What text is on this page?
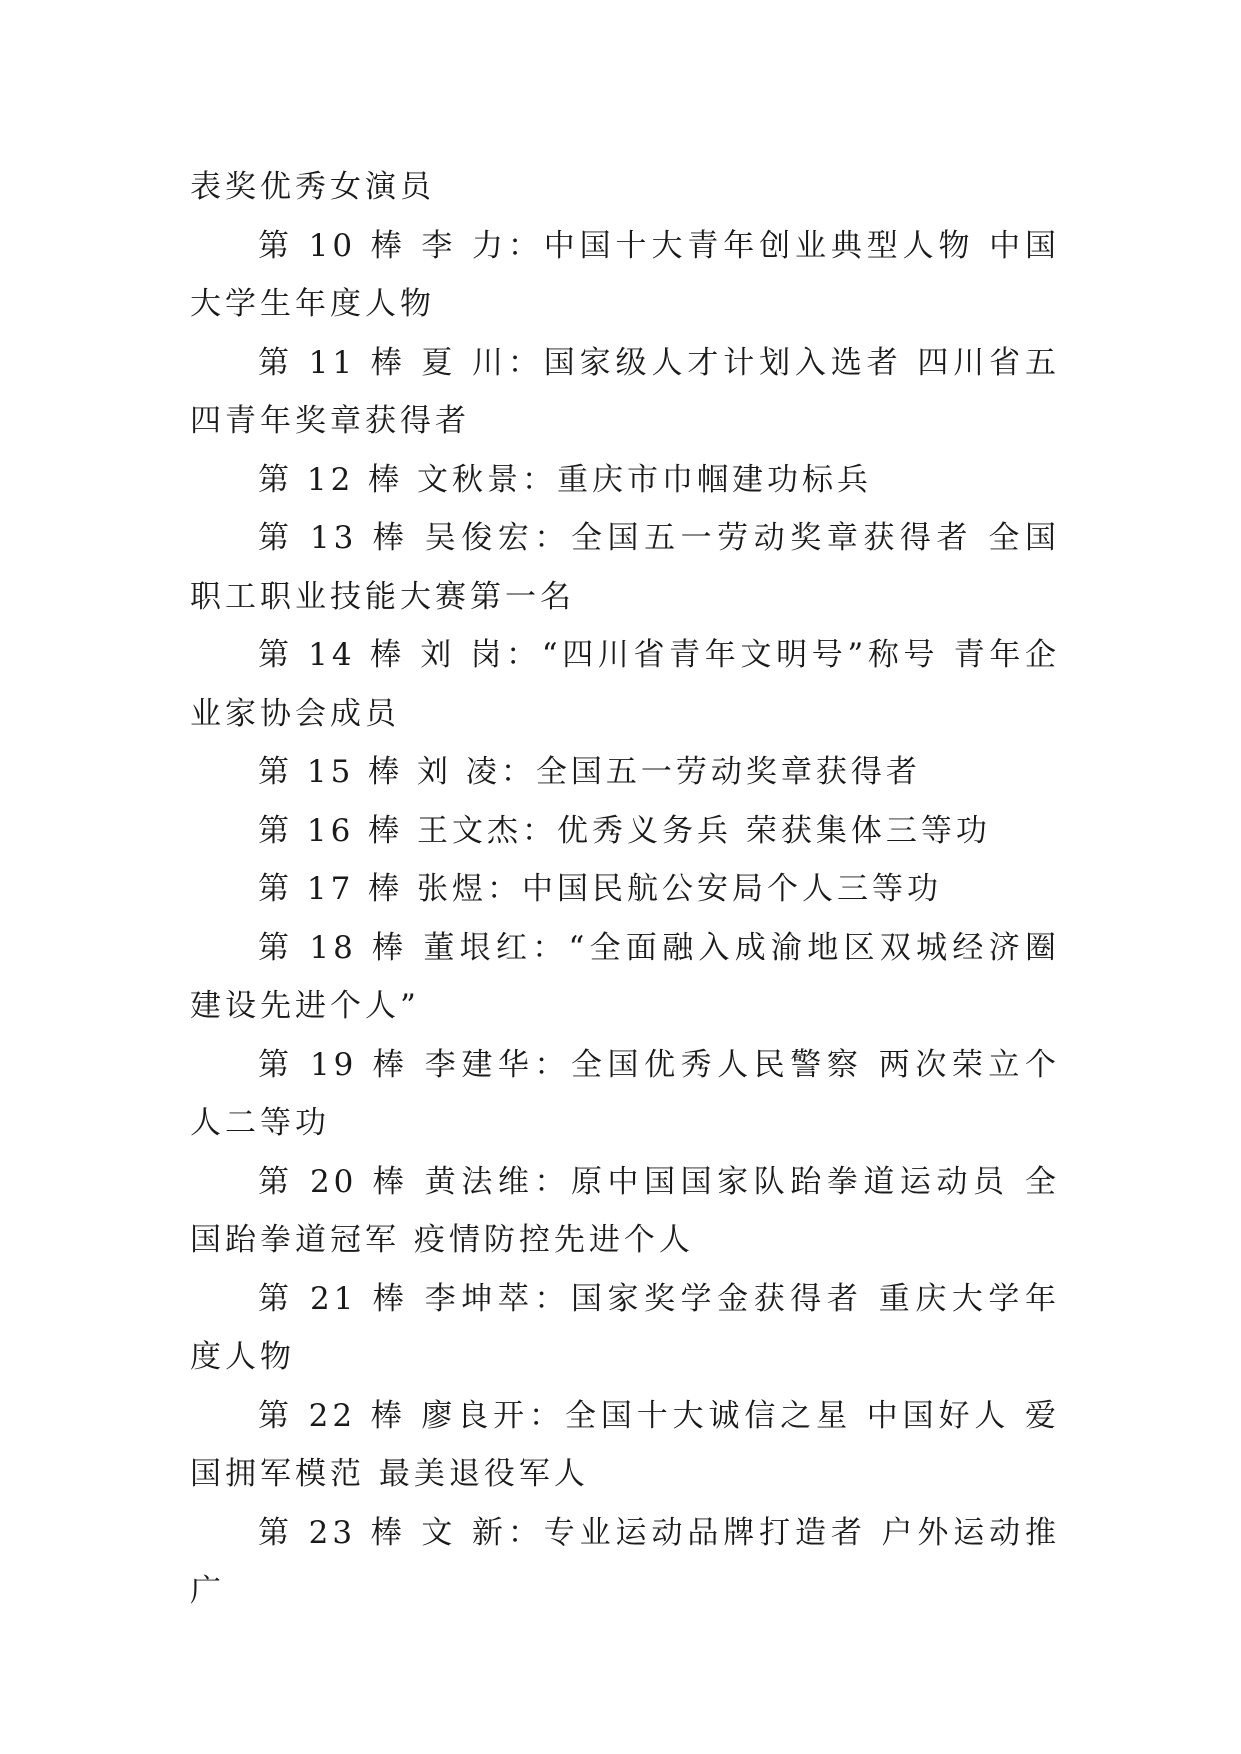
表奖优秀女演员

第 10 棒 李 力：中国十大青年创业典型人物 中国大学生年度人物

第 11 棒 夏 川：国家级人才计划入选者 四川省五四青年奖章获得者

第 12 棒 文秋景：重庆市巾帼建功标兵

第 13 棒 吴俊宏：全国五一劳动奖章获得者 全国职工职业技能大赛第一名

第 14 棒 刘 岗：“四川省青年文明号”称号 青年企业家协会成员

第 15 棒 刘 凌：全国五一劳动奖章获得者

第 16 棒 王文杰：优秀义务兵 荣获集体三等功

第 17 棒 张煜：中国民航公安局个人三等功

第 18 棒 董垠红：“全面融入成渝地区双城经济圈建设先进个人”

第 19 棒 李建华：全国优秀人民警察 两次荣立个人二等功

第 20 棒 黄法维：原中国国家队跆拳道运动员 全国跆拳道冠军 疫情防控先进个人

第 21 棒 李坤萃：国家奖学金获得者 重庆大学年度人物

第 22 棒 廖良开：全国十大诚信之星 中国好人 爱国拥军模范 最美退役军人

第 23 棒 文 新：专业运动品牌打造者 户外运动推广
